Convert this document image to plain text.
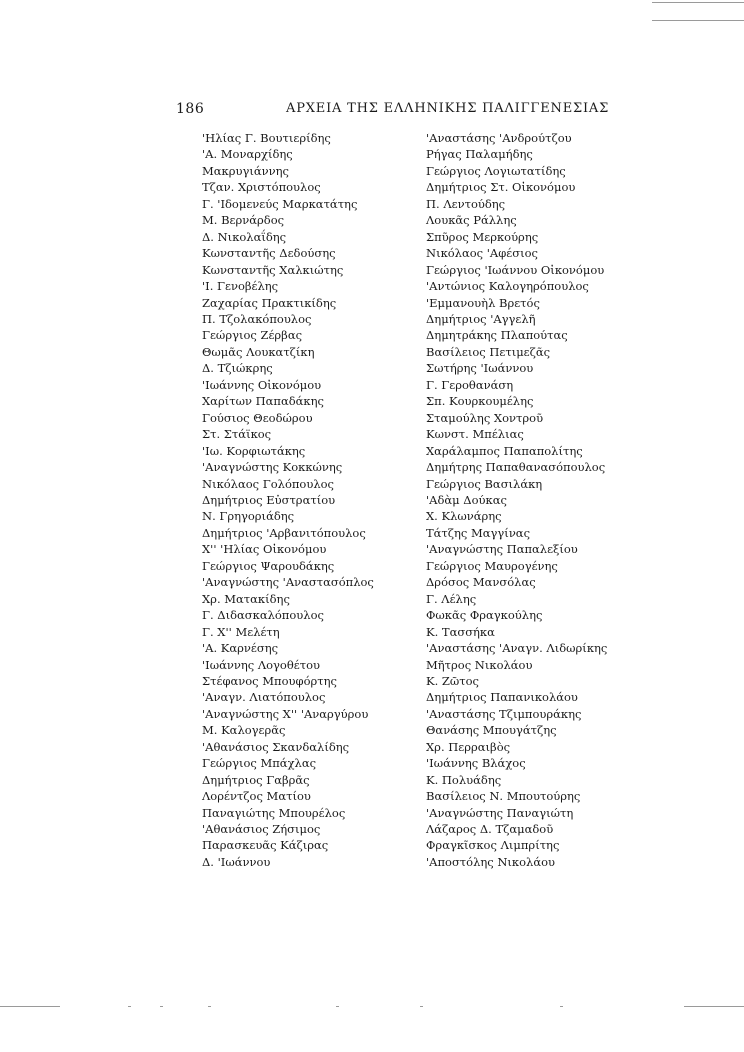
186	ΑΡΧΕΙΑ ΤΗΣ ΕΛΛΗΝΙΚΗΣ ΠΑΛΙΓΓΕΝΕΣΙΑΣ
'Ηλίας Γ. Βουτιερίδης
'Α. Μοναρχίδης
Μακρυγιάννης
Τζαν. Χριστόπουλος
Γ. 'Ιδομενεύς Μαρκατάτης
Μ. Βερνάρδος
Δ. Νικολαΐδης
Κωνσταντῆς Δεδούσης
Κωνσταντῆς Χαλκιώτης
'Ι. Γενοβέλης
Ζαχαρίας Πρακτικίδης
Π. Τζολακόπουλος
Γεώργιος Ζέρβας
Θωμᾶς Λουκατζίκη
Δ. Τζιώκρης
'Ιωάννης Οἰκονόμου
Χαρίτων Παπαδάκης
Γούσιος Θεοδώρου
Στ. Στάϊκος
'Ιω. Κορφιωτάκης
'Αναγνώστης Κοκκώνης
Νικόλαος Γολόπουλος
Δημήτριος Εὐστρατίου
Ν. Γρηγοριάδης
Δημήτριος 'Αρβανιτόπουλος
Χ'' 'Ηλίας Οἰκονόμου
Γεώργιος Ψαρουδάκης
'Αναγνώστης 'Αναστασόπλος
Χρ. Ματακίδης
Γ. Διδασκαλόπουλος
Γ. Χ'' Μελέτη
'Α. Καρνέσης
'Ιωάννης Λογοθέτου
Στέφανος Μπουφόρτης
'Αναγν. Λιατόπουλος
'Αναγνώστης Χ'' 'Αναργύρου
Μ. Καλογερᾶς
'Αθανάσιος Σκανδαλίδης
Γεώργιος Μπάχλας
Δημήτριος Γαβρᾶς
Λορέντζος Ματίου
Παναγιώτης Μπουρέλος
'Αθανάσιος Ζήσιμος
Παρασκευᾶς Κάζιρας
Δ. 'Ιωάννου
'Αναστάσης 'Ανδρούτζου
Ρήγας Παλαμήδης
Γεώργιος Λογιωτατίδης
Δημήτριος Στ. Οἰκονόμου
Π. Λεντούδης
Λουκᾶς Ράλλης
Σπῦρος Μερκούρης
Νικόλαος 'Αφέσιος
Γεώργιος 'Ιωάννου Οἰκονόμου
'Αντώνιος Καλογηρόπουλος
'Εμμανουὴλ Βρετός
Δημήτριος 'Αγγελῆ
Δημητράκης Πλαπούτας
Βασίλειος Πετιμεζᾶς
Σωτήρης 'Ιωάννου
Γ. Γεροθανάση
Σπ. Κουρκουμέλης
Σταμούλης Χοντροῦ
Κωνστ. Μπέλιας
Χαράλαμπος Παπαπολίτης
Δημήτρης Παπαθανασόπουλος
Γεώργιος Βασιλάκη
'Αδὰμ Δούκας
Χ. Κλωνάρης
Τάτζης Μαγγίνας
'Αναγνώστης Παπαλεξίου
Γεώργιος Μαυρογένης
Δρόσος Μανσόλας
Γ. Λέλης
Φωκᾶς Φραγκούλης
Κ. Τασσήκα
'Αναστάσης 'Αναγν. Λιδωρίκης
Μῆτρος Νικολάου
Κ. Ζῶτος
Δημήτριος Παπανικολάου
'Αναστάσης Τζιμπουράκης
Θανάσης Μπουγάτζης
Χρ. Περραιβὸς
'Ιωάννης Βλάχος
Κ. Πολυάδης
Βασίλειος Ν. Μπουτούρης
'Αναγνώστης Παναγιώτη
Λάζαρος Δ. Τζαμαδοῦ
Φραγκῖσκος Λιμπρίτης
'Αποστόλης Νικολάου
